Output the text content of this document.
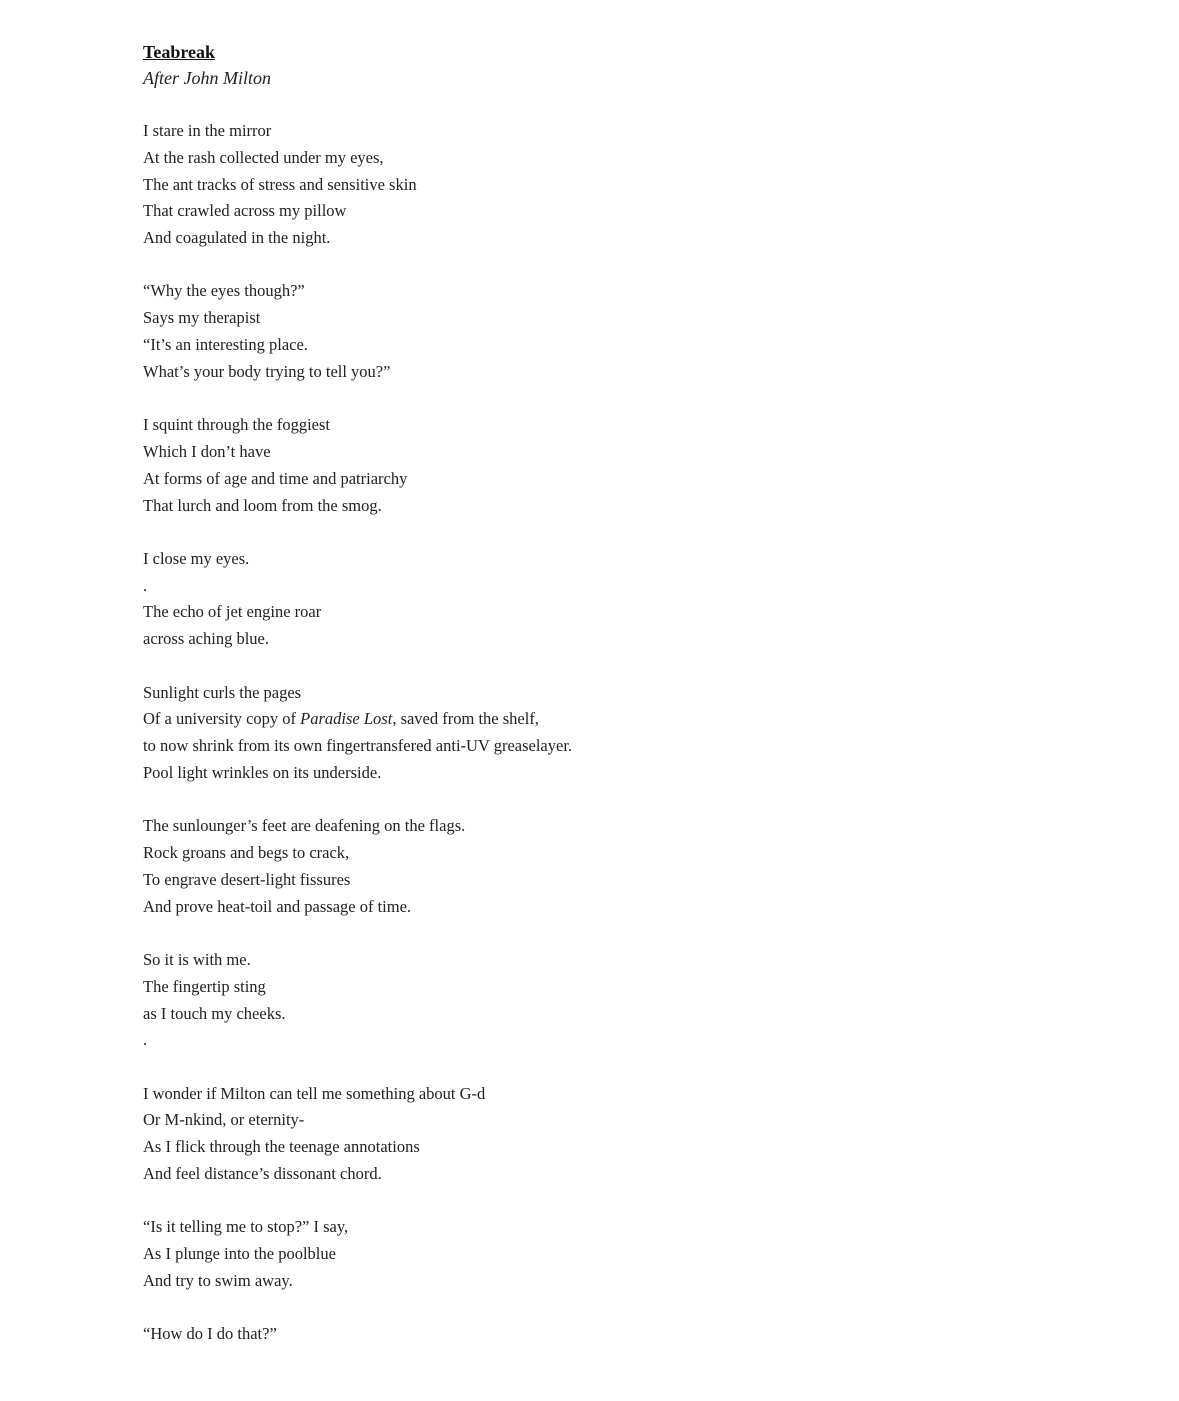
Teabreak
After John Milton
I stare in the mirror
At the rash collected under my eyes,
The ant tracks of stress and sensitive skin
That crawled across my pillow
And coagulated in the night.
“Why the eyes though?”
Says my therapist
“It’s an interesting place.
What’s your body trying to tell you?”
I squint through the foggiest
Which I don’t have
At forms of age and time and patriarchy
That lurch and loom from the smog.
I close my eyes.
.
The echo of jet engine roar
across aching blue.
Sunlight curls the pages
Of a university copy of Paradise Lost, saved from the shelf,
to now shrink from its own fingertransfered anti-UV greaselayer.
Pool light wrinkles on its underside.
The sunlounger’s feet are deafening on the flags.
Rock groans and begs to crack,
To engrave desert-light fissures
And prove heat-toil and passage of time.
So it is with me.
The fingertip sting
as I touch my cheeks.
.
I wonder if Milton can tell me something about G-d
Or M-nkind, or eternity-
As I flick through the teenage annotations
And feel distance’s dissonant chord.
“Is it telling me to stop?” I say,
As I plunge into the poolblue
And try to swim away.
“How do I do that?”
